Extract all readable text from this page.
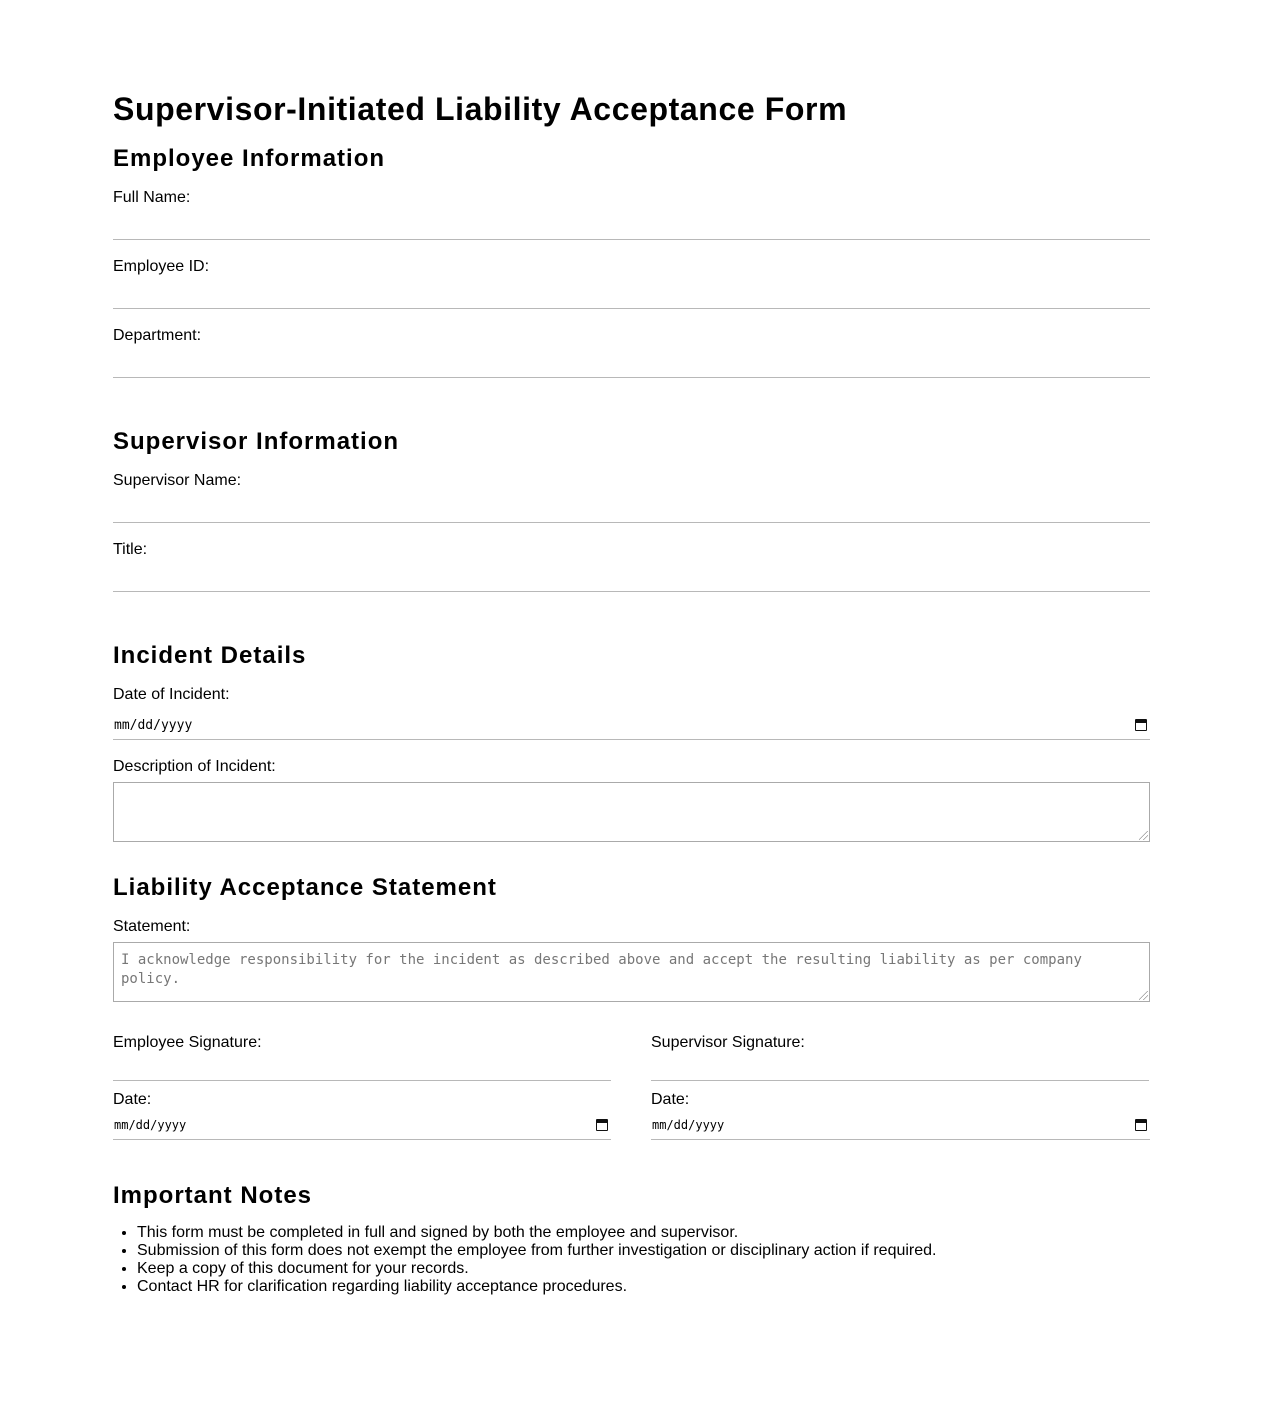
Supervisor-Initiated Liability Acceptance Form
Employee Information
Full Name:
Employee ID:
Department:
Supervisor Information
Supervisor Name:
Title:
Incident Details
Date of Incident:
mm/dd/yyyy
Description of Incident:
Liability Acceptance Statement
Statement:
I acknowledge responsibility for the incident as described above and accept the resulting liability as per company policy.
Employee Signature:	Supervisor Signature:
Date:
mm/dd/yyyy
Date:
mm/dd/yyyy
Important Notes
• This form must be completed in full and signed by both the employee and supervisor.
• Submission of this form does not exempt the employee from further investigation or disciplinary action if required.
• Keep a copy of this document for your records.
• Contact HR for clarification regarding liability acceptance procedures.
